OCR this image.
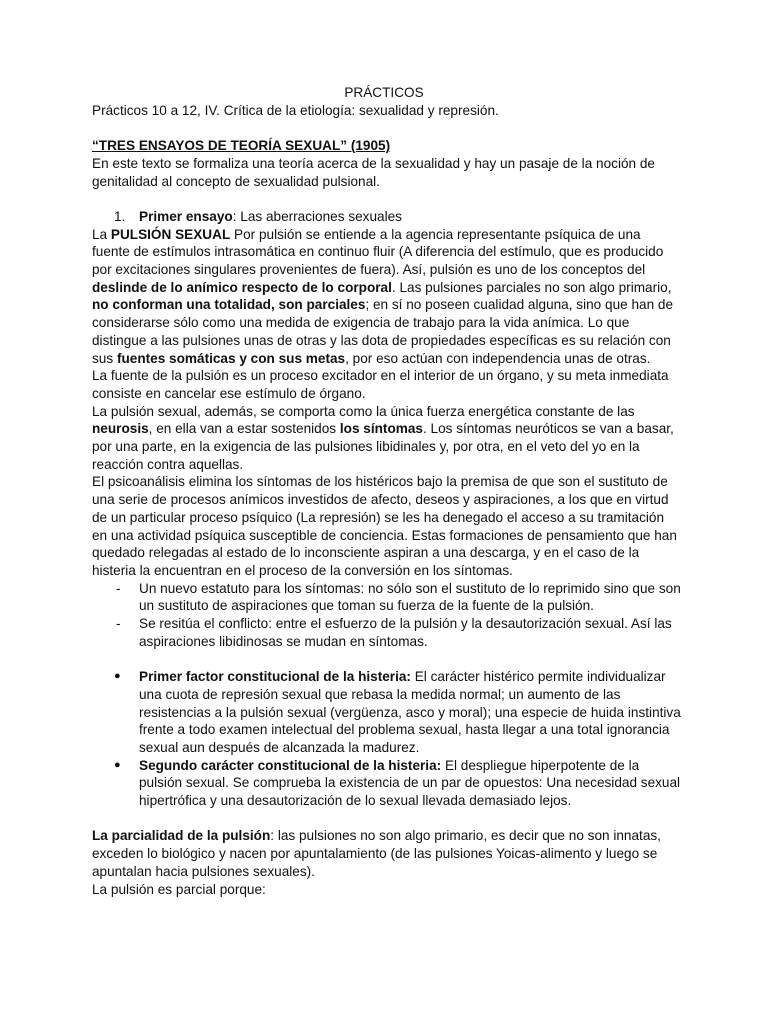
PRÁCTICOS

Prácticos 10 a 12, IV. Crítica de la etiología: sexualidad y represión.

“TRES ENSAYOS DE TEORÍA SEXUAL” (1905)

En este texto se formaliza una teoría acerca de la sexualidad y hay un pasaje de la noción de genitalidad al concepto de sexualidad pulsional.

1. Primer ensayo: Las aberraciones sexuales

La PULSIÓN SEXUAL Por pulsión se entiende a la agencia representante psíquica de una fuente de estímulos intrasomática en continuo fluir (A diferencia del estímulo, que es producido por excitaciones singulares provenientes de fuera). Así, pulsión es uno de los conceptos del deslinde de lo anímico respecto de lo corporal. Las pulsiones parciales no son algo primario, no conforman una totalidad, son parciales; en sí no poseen cualidad alguna, sino que han de considerarse sólo como una medida de exigencia de trabajo para la vida anímica. Lo que distingue a las pulsiones unas de otras y las dota de propiedades específicas es su relación con sus fuentes somáticas y con sus metas, por eso actúan con independencia unas de otras.

La fuente de la pulsión es un proceso excitador en el interior de un órgano, y su meta inmediata consiste en cancelar ese estímulo de órgano.

La pulsión sexual, además, se comporta como la única fuerza energética constante de las neurosis, en ella van a estar sostenidos los síntomas. Los síntomas neuróticos se van a basar, por una parte, en la exigencia de las pulsiones libidinales y, por otra, en el veto del yo en la reacción contra aquellas.

El psicoanálisis elimina los síntomas de los histéricos bajo la premisa de que son el sustituto de una serie de procesos anímicos investidos de afecto, deseos y aspiraciones, a los que en virtud de un particular proceso psíquico (La represión) se les ha denegado el acceso a su tramitación en una actividad psíquica susceptible de conciencia. Estas formaciones de pensamiento que han quedado relegadas al estado de lo inconsciente aspiran a una descarga, y en el caso de la histeria la encuentran en el proceso de la conversión en los síntomas.

- Un nuevo estatuto para los síntomas: no sólo son el sustituto de lo reprimido sino que son un sustituto de aspiraciones que toman su fuerza de la fuente de la pulsión.
- Se resitúa el conflicto: entre el esfuerzo de la pulsión y la desautorización sexual. Así las aspiraciones libidinosas se mudan en síntomas.
● Primer factor constitucional de la histeria: El carácter histérico permite individualizar una cuota de represión sexual que rebasa la medida normal; un aumento de las resistencias a la pulsión sexual (vergüenza, asco y moral); una especie de huida instintiva frente a todo examen intelectual del problema sexual, hasta llegar a una total ignorancia sexual aun después de alcanzada la madurez.
● Segundo carácter constitucional de la histeria: El despliegue hiperpotente de la pulsión sexual. Se comprueba la existencia de un par de opuestos: Una necesidad sexual hipertrófica y una desautorización de lo sexual llevada demasiado lejos.

La parcialidad de la pulsión: las pulsiones no son algo primario, es decir que no son innatas, exceden lo biológico y nacen por apuntalamiento (de las pulsiones Yoicas-alimento y luego se apuntalan hacia pulsiones sexuales).

La pulsión es parcial porque:
